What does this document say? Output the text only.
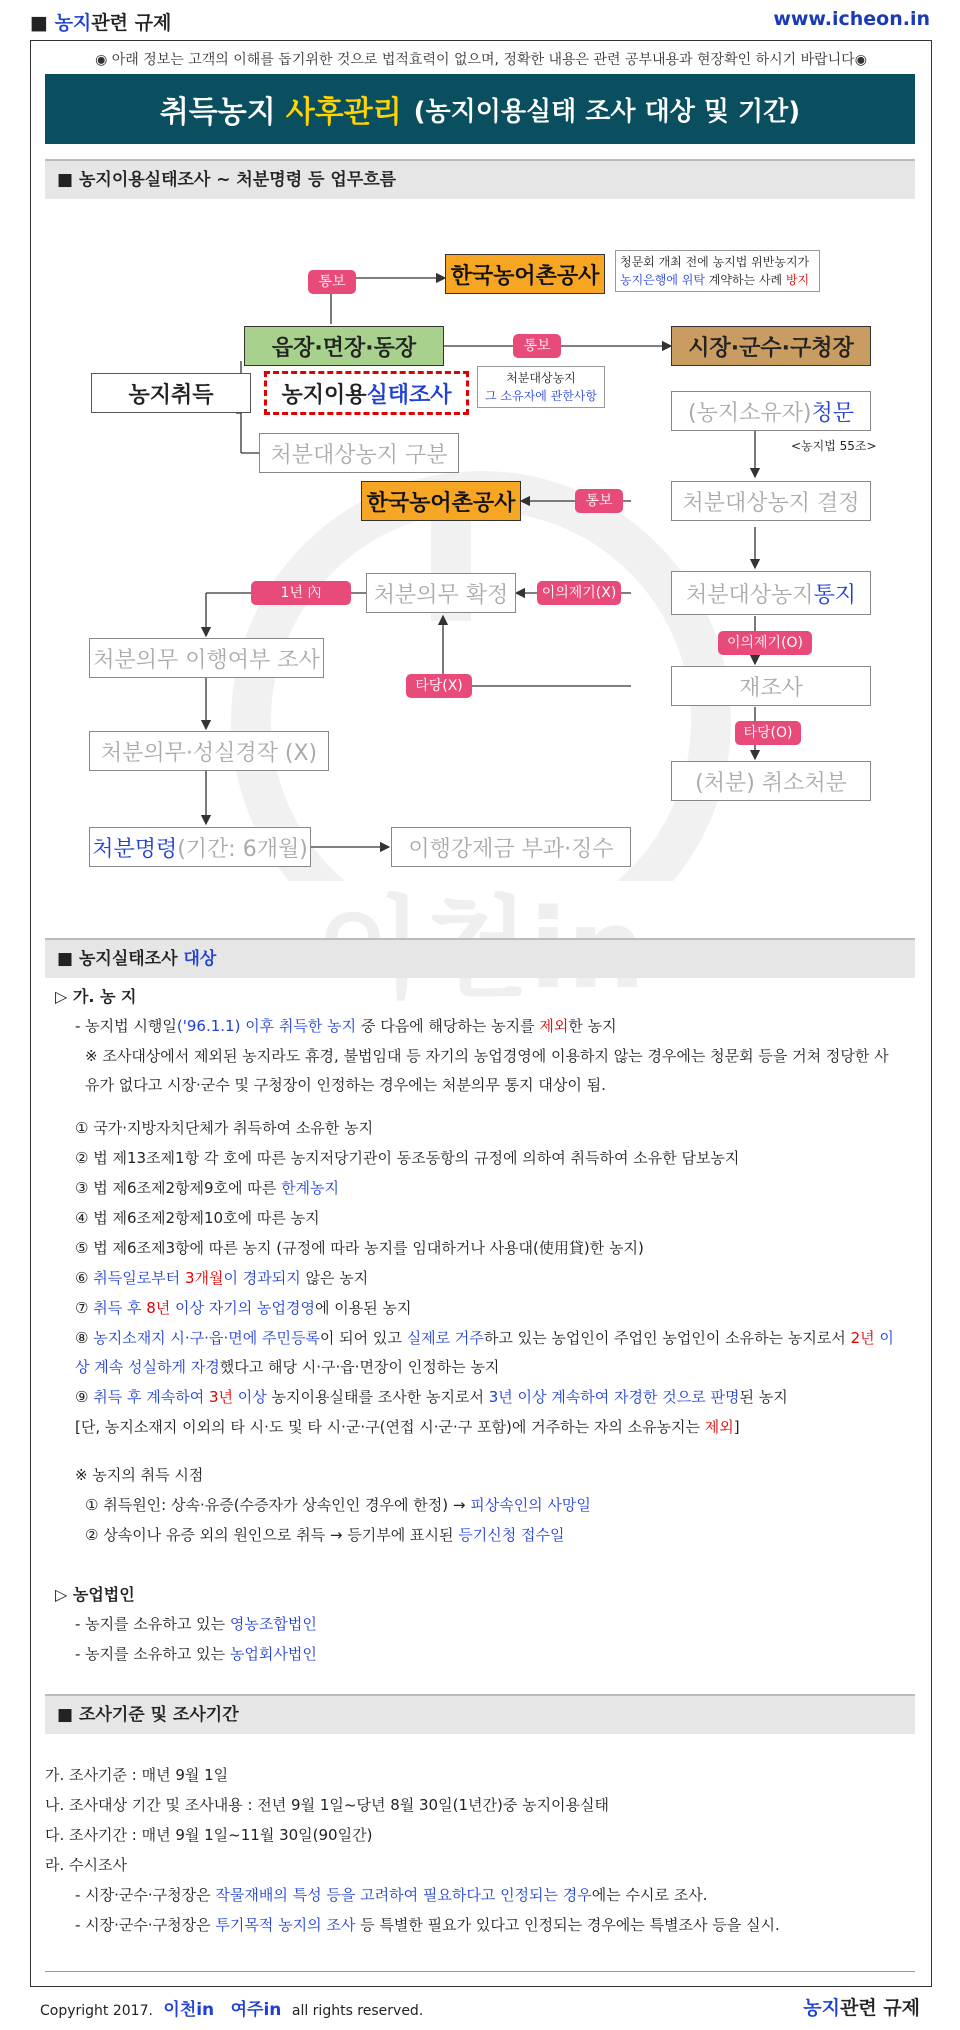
■ 농지관련 규제	www.icheon.in
◉ 아래 정보는 고객의 이해를 돕기위한 것으로 법적효력이 없으며, 정확한 내용은 관련 공부내용과 현장확인 하시기 바랍니다◉
취득농지 사후관리 (농지이용실태 조사 대상 및 기간)
■ 농지이용실태조사 ~ 처분명령 등 업무흐름
통보	한국농어촌공사
청문회 개최 전에 농지법 위반농지가
농지은행에 위탁 계약하는 사례 방지
읍장·면장·동장	통보	시장·군수·구청장
농지취득	농지이용 실태조사
처분대상농지
그 소유자에 관한사항
처분대상농지 구분
(농지소유자) 청문
<농지법 55조>
한국농어촌공사	통보	처분대상농지 결정
1년 內	처분의무 확정	이의제기(X)	처분대상농지 통지
이의제기(O)
처분의무 이행여부 조사
타당(X)	재조사
타당(O)
처분의무·성실경작 (X)
(처분) 취소처분
처분명령 (기간: 6개월)	이행강제금 부과·징수
■ 농지실태조사 대상
▷ 가. 농 지
- 농지법 시행일('96.1.1) 이후 취득한 농지 중 다음에 해당하는 농지를 제외한 농지
※ 조사대상에서 제외된 농지라도 휴경, 불법임대 등 자기의 농업경영에 이용하지 않는 경우에는 청문회 등을 거쳐 정당한 사
유가 없다고 시장·군수 및 구청장이 인정하는 경우에는 처분의무 통지 대상이 됨.
① 국가·지방자치단체가 취득하여 소유한 농지
② 법 제13조제1항 각 호에 따른 농지저당기관이 동조동항의 규정에 의하여 취득하여 소유한 담보농지
③ 법 제6조제2항제9호에 따른 한계농지
④ 법 제6조제2항제10호에 따른 농지
⑤ 법 제6조제3항에 따른 농지 (규정에 따라 농지를 임대하거나 사용대(使用貸)한 농지)
⑥ 취득일로부터 3개월이 경과되지 않은 농지
⑦ 취득 후 8년 이상 자기의 농업경영에 이용된 농지
⑧ 농지소재지 시·구·읍·면에 주민등록이 되어 있고 실제로 거주하고 있는 농업인이 주업인 농업인이 소유하는 농지로서 2년 이
상 계속 성실하게 자경했다고 해당 시·구·읍·면장이 인정하는 농지
⑨ 취득 후 계속하여 3년 이상 농지이용실태를 조사한 농지로서 3년 이상 계속하여 자경한 것으로 판명된 농지
[단, 농지소재지 이외의 타 시·도 및 타 시·군·구(연접 시·군·구 포함)에 거주하는 자의 소유농지는 제외]
※ 농지의 취득 시점
① 취득원인: 상속·유증(수증자가 상속인인 경우에 한정) → 피상속인의 사망일
② 상속이나 유증 외의 원인으로 취득 → 등기부에 표시된 등기신청 접수일
▷ 농업법인
- 농지를 소유하고 있는 영농조합법인
- 농지를 소유하고 있는 농업회사법인
■ 조사기준 및 조사기간
가. 조사기준 : 매년 9월 1일
나. 조사대상 기간 및 조사내용 : 전년 9월 1일~당년 8월 30일(1년간)중 농지이용실태
다. 조사기간 : 매년 9월 1일~11월 30일(90일간)
라. 수시조사
- 시장·군수·구청장은 작물재배의 특성 등을 고려하여 필요하다고 인정되는 경우에는 수시로 조사.
- 시장·군수·구청장은 투기목적 농지의 조사 등 특별한 필요가 있다고 인정되는 경우에는 특별조사 등을 실시.
Copyright 2017. 이천in 여주in all rights reserved.	농지관련 규제
